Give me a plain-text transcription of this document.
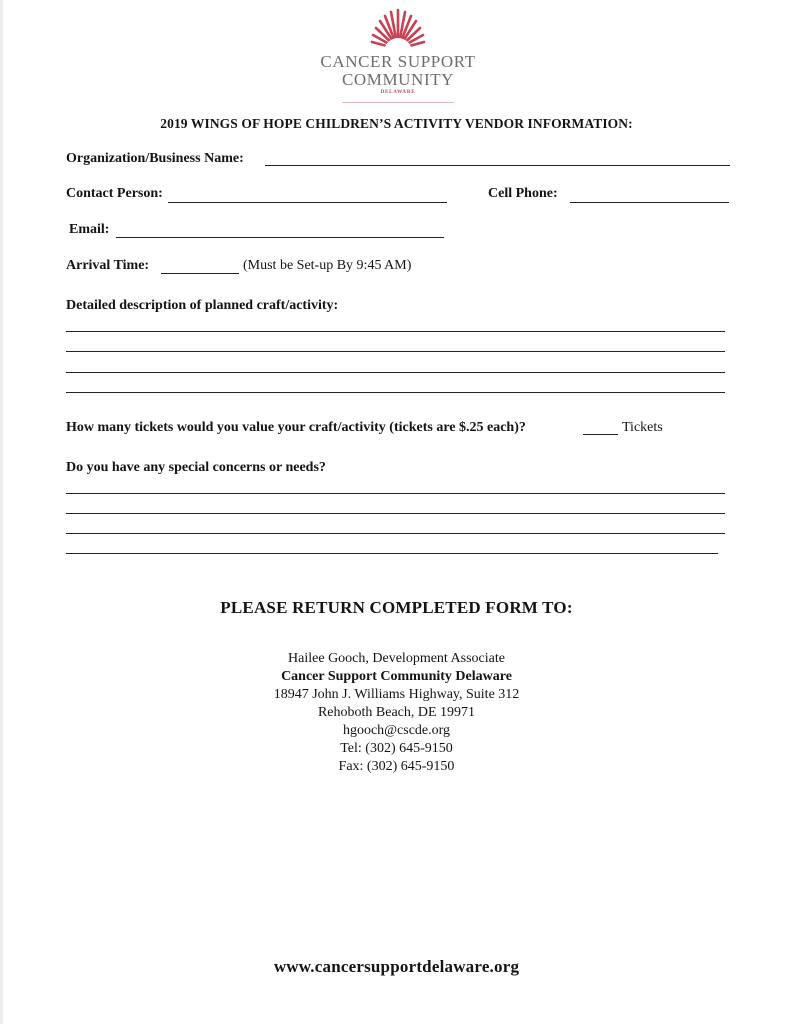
CANCER SUPPORT
COMMUNITY
DELAWARE
2019 WINGS OF HOPE CHILDREN’S ACTIVITY VENDOR INFORMATION:
Organization/Business Name:
Contact Person:	Cell Phone:
Email:
Arrival Time:	(Must be Set-up By 9:45 AM)
Detailed description of planned craft/activity:
How many tickets would you value your craft/activity (tickets are $.25 each)?	Tickets
Do you have any special concerns or needs?
PLEASE RETURN COMPLETED FORM TO:
Hailee Gooch, Development Associate
Cancer Support Community Delaware
18947 John J. Williams Highway, Suite 312
Rehoboth Beach, DE 19971
hgooch@cscde.org
Tel: (302) 645-9150
Fax: (302) 645-9150
www.cancersupportdelaware.org
